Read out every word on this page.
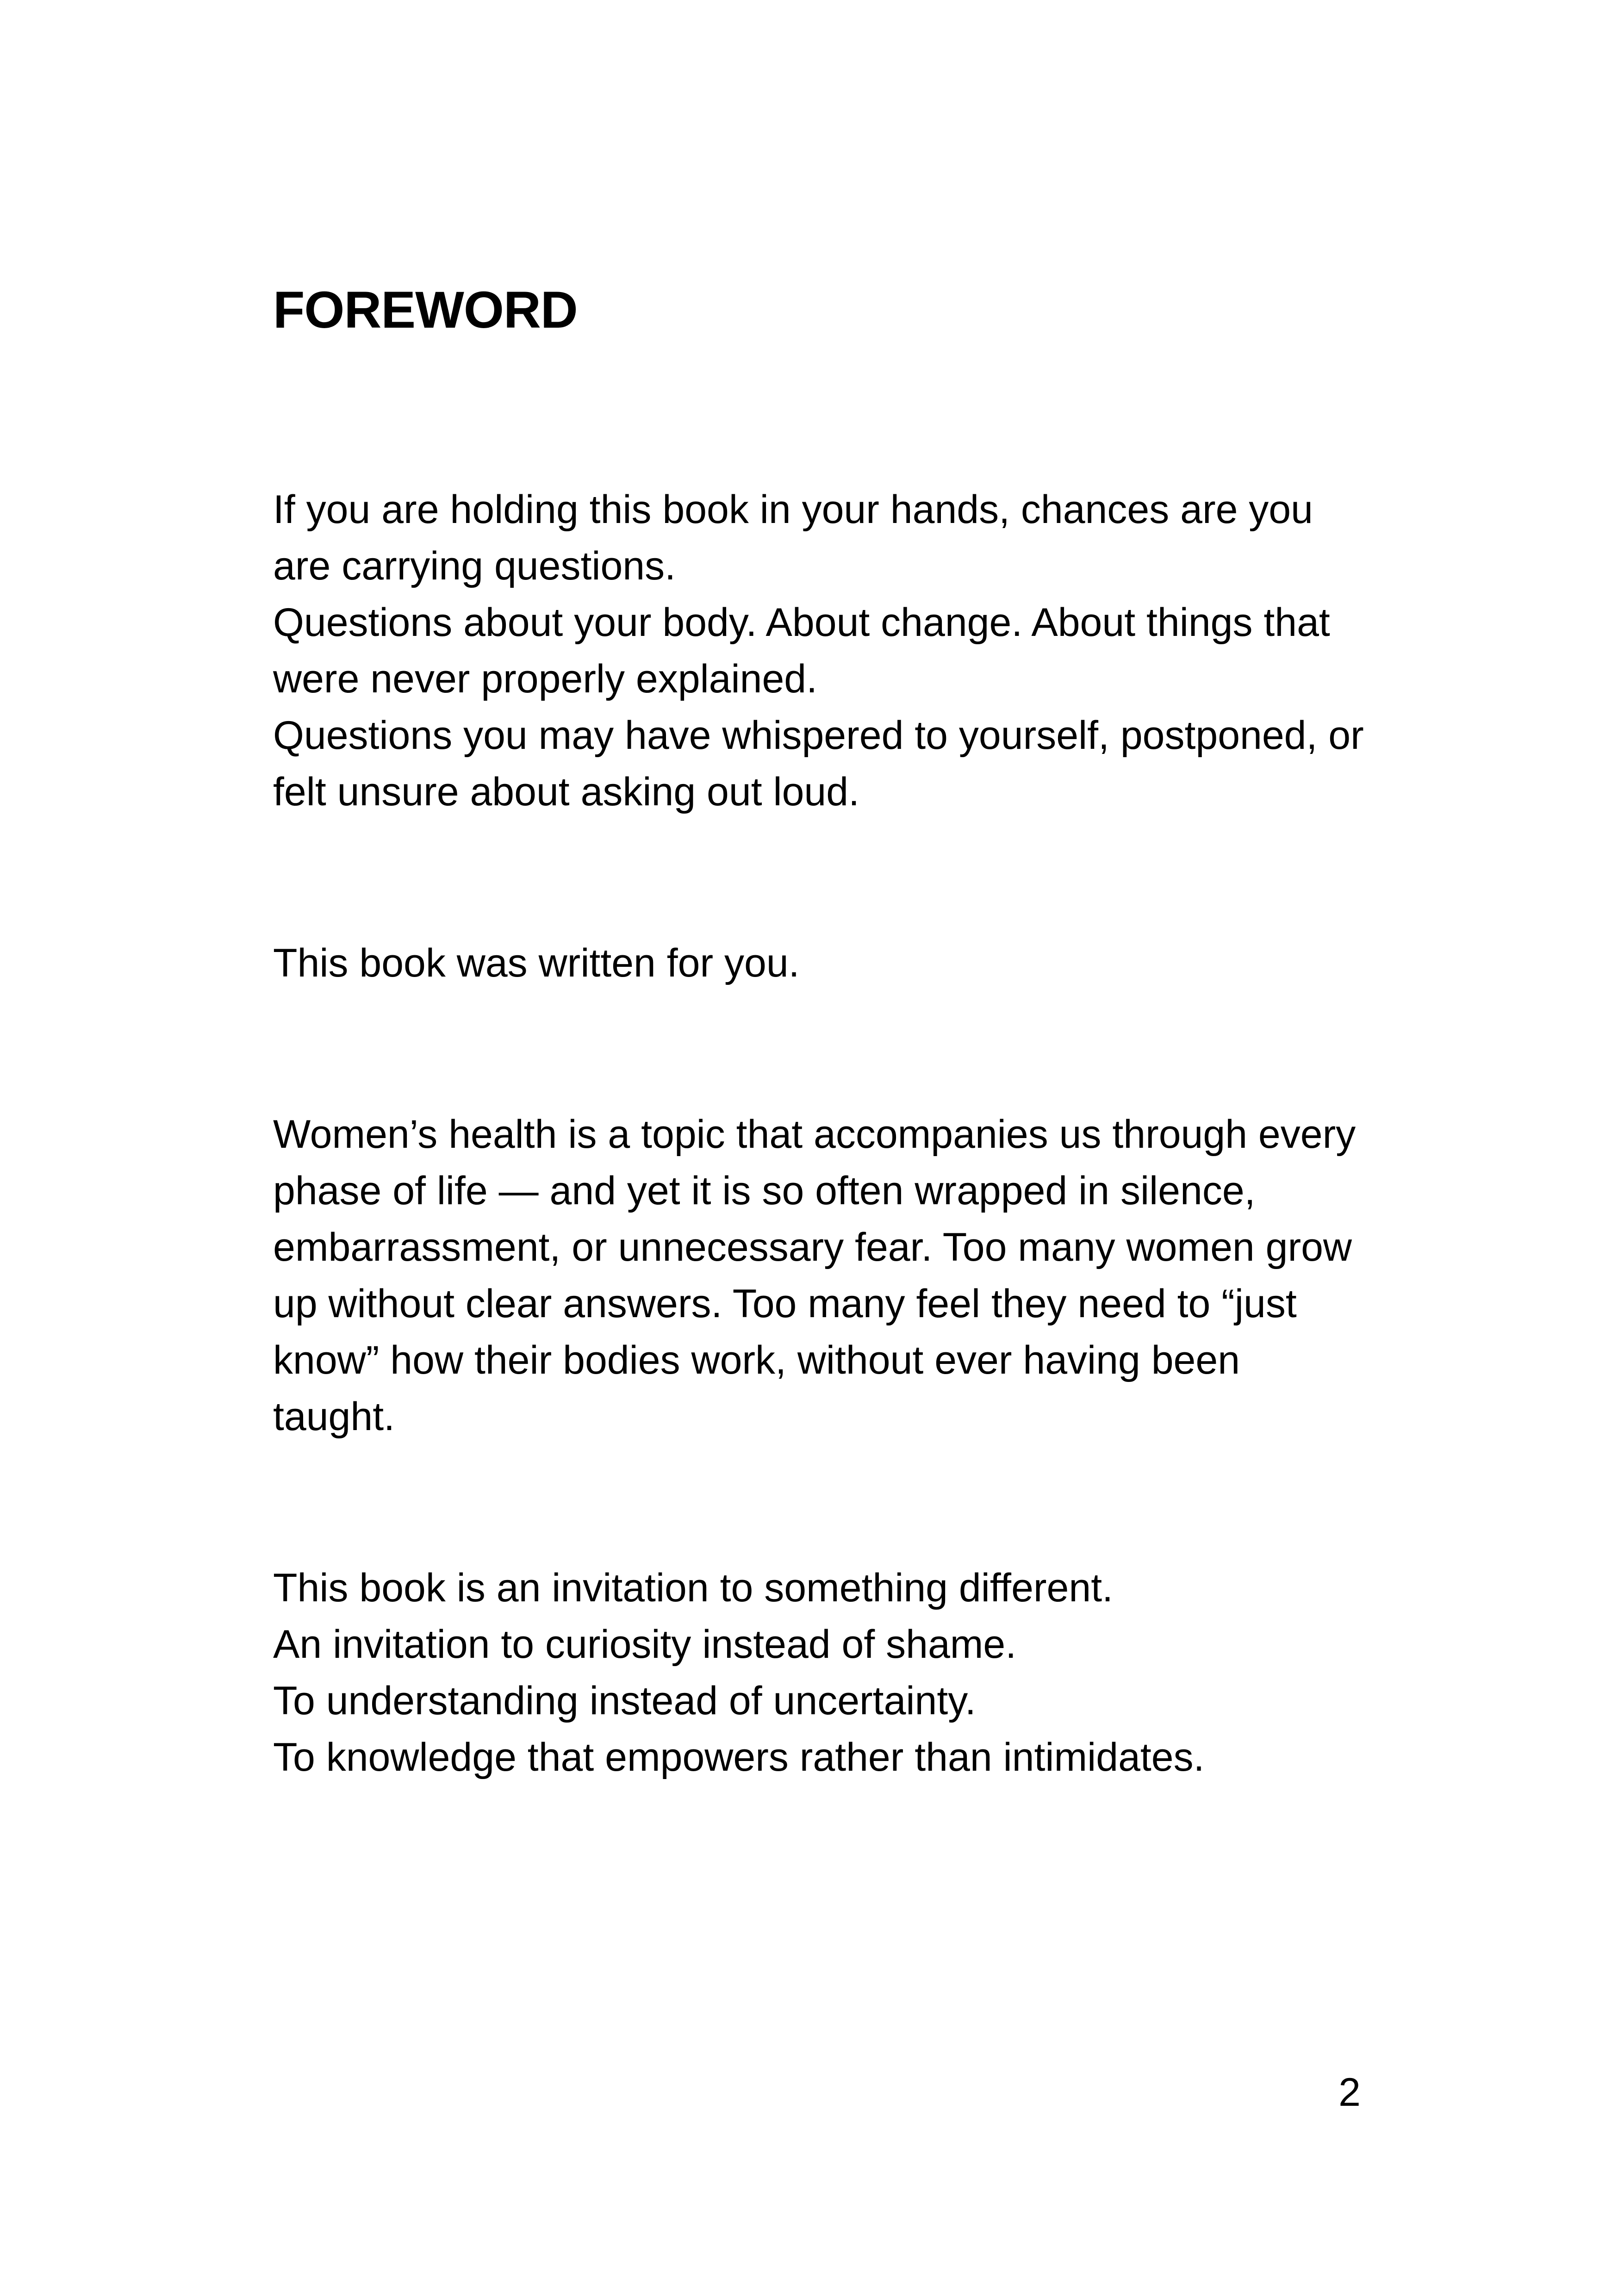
FOREWORD

If you are holding this book in your hands, chances are you
are carrying questions.
Questions about your body. About change. About things that
were never properly explained.
Questions you may have whispered to yourself, postponed, or
felt unsure about asking out loud.

This book was written for you.

Women’s health is a topic that accompanies us through every
phase of life — and yet it is so often wrapped in silence,
embarrassment, or unnecessary fear. Too many women grow
up without clear answers. Too many feel they need to “just
know” how their bodies work, without ever having been
taught.

This book is an invitation to something different.
An invitation to curiosity instead of shame.
To understanding instead of uncertainty.
To knowledge that empowers rather than intimidates.

2
